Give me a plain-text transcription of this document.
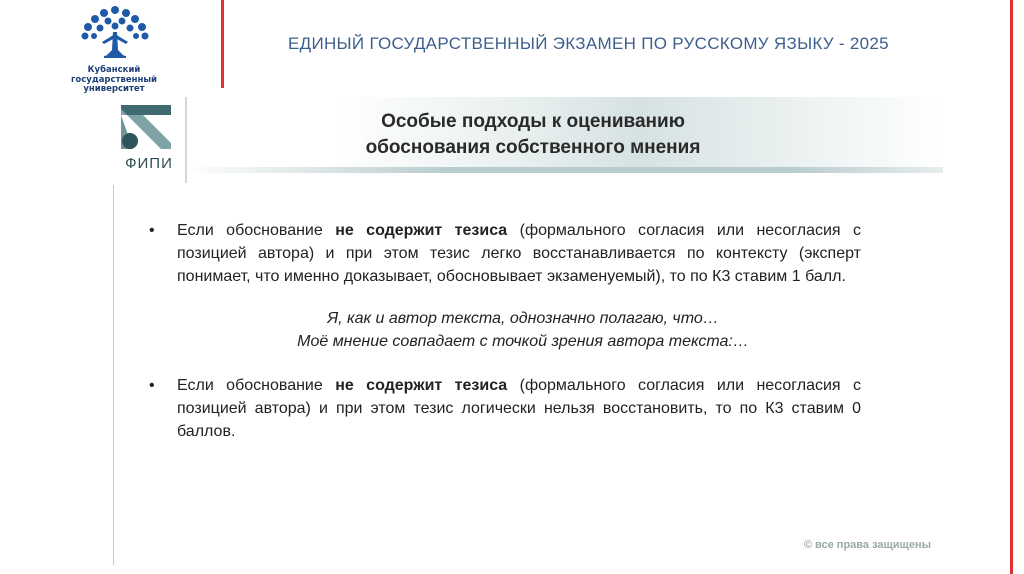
Кубанский
государственный
университет
ЕДИНЫЙ ГОСУДАРСТВЕННЫЙ ЭКЗАМЕН ПО РУССКОМУ ЯЗЫКУ - 2025
ФИПИ
Особые подходы к оцениванию
обоснования собственного мнения
• Если обоснование не содержит тезиса (формального согласия или несогласия с позицией автора) и при этом тезис легко восстанавливается по контексту (эксперт понимает, что именно доказывает, обосновывает экзаменуемый), то по К3 ставим 1 балл.
Я, как и автор текста, однозначно полагаю, что…
Моё мнение совпадает с точкой зрения автора текста:…
• Если обоснование не содержит тезиса (формального согласия или несогласия с позицией автора) и при этом тезис логически нельзя восстановить, то по К3 ставим 0 баллов.
© все права защищены
